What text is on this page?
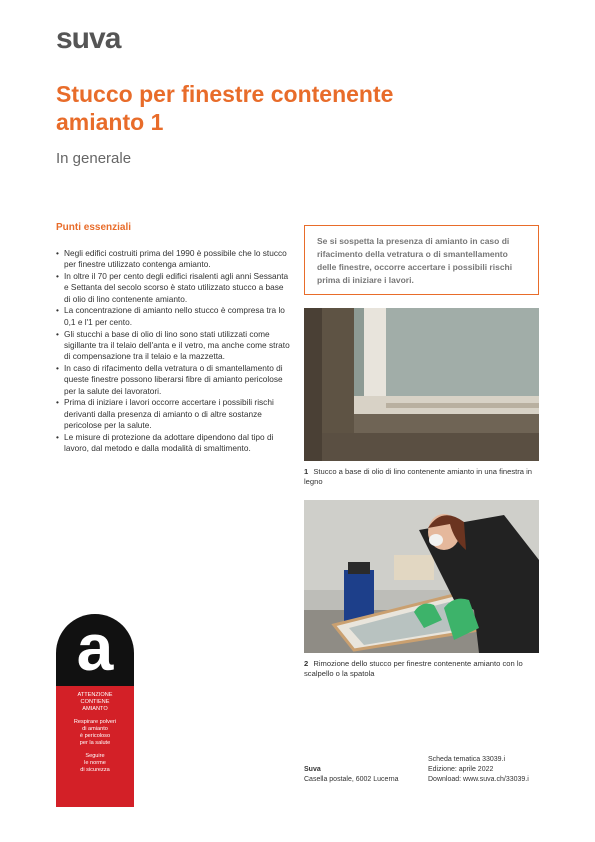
suva
Stucco per finestre contenente amianto 1
In generale
Punti essenziali
• Negli edifici costruiti prima del 1990 è possibile che lo stucco per finestre utilizzato contenga amianto.
• In oltre il 70 per cento degli edifici risalenti agli anni Sessanta e Settanta del secolo scorso è stato utilizzato stucco a base di olio di lino contenente amianto.
• La concentrazione di amianto nello stucco è compresa tra lo 0,1 e l'1 per cento.
• Gli stucchi a base di olio di lino sono stati utilizzati come sigillante tra il telaio dell'anta e il vetro, ma anche come strato di compensazione tra il telaio e la mazzetta.
• In caso di rifacimento della vetratura o di smantellamento di queste finestre possono liberarsi fibre di amianto pericolose per la salute dei lavoratori.
• Prima di iniziare i lavori occorre accertare i possibili rischi derivanti dalla presenza di amianto o di altre sostanze pericolose per la salute.
• Le misure di protezione da adottare dipendono dal tipo di lavoro, dal metodo e dalla modalità di smaltimento.
Se si sospetta la presenza di amianto in caso di rifacimento della vetratura o di smantellamento delle finestre, occorre accertare i possibili rischi prima di iniziare i lavori.
1 Stucco a base di olio di lino contenente amianto in una finestra in legno
2 Rimozione dello stucco per finestre contenente amianto con lo scalpello o la spatola
a
ATTENZIONE
CONTIENE
AMIANTO
Respirare polveri
di amianto
è pericoloso
per la salute
Seguire
le norme
di sicurezza	Suva
Casella postale, 6002 Lucerna
Scheda tematica 33039.i
Edizione: aprile 2022
Download: www.suva.ch/33039.i
